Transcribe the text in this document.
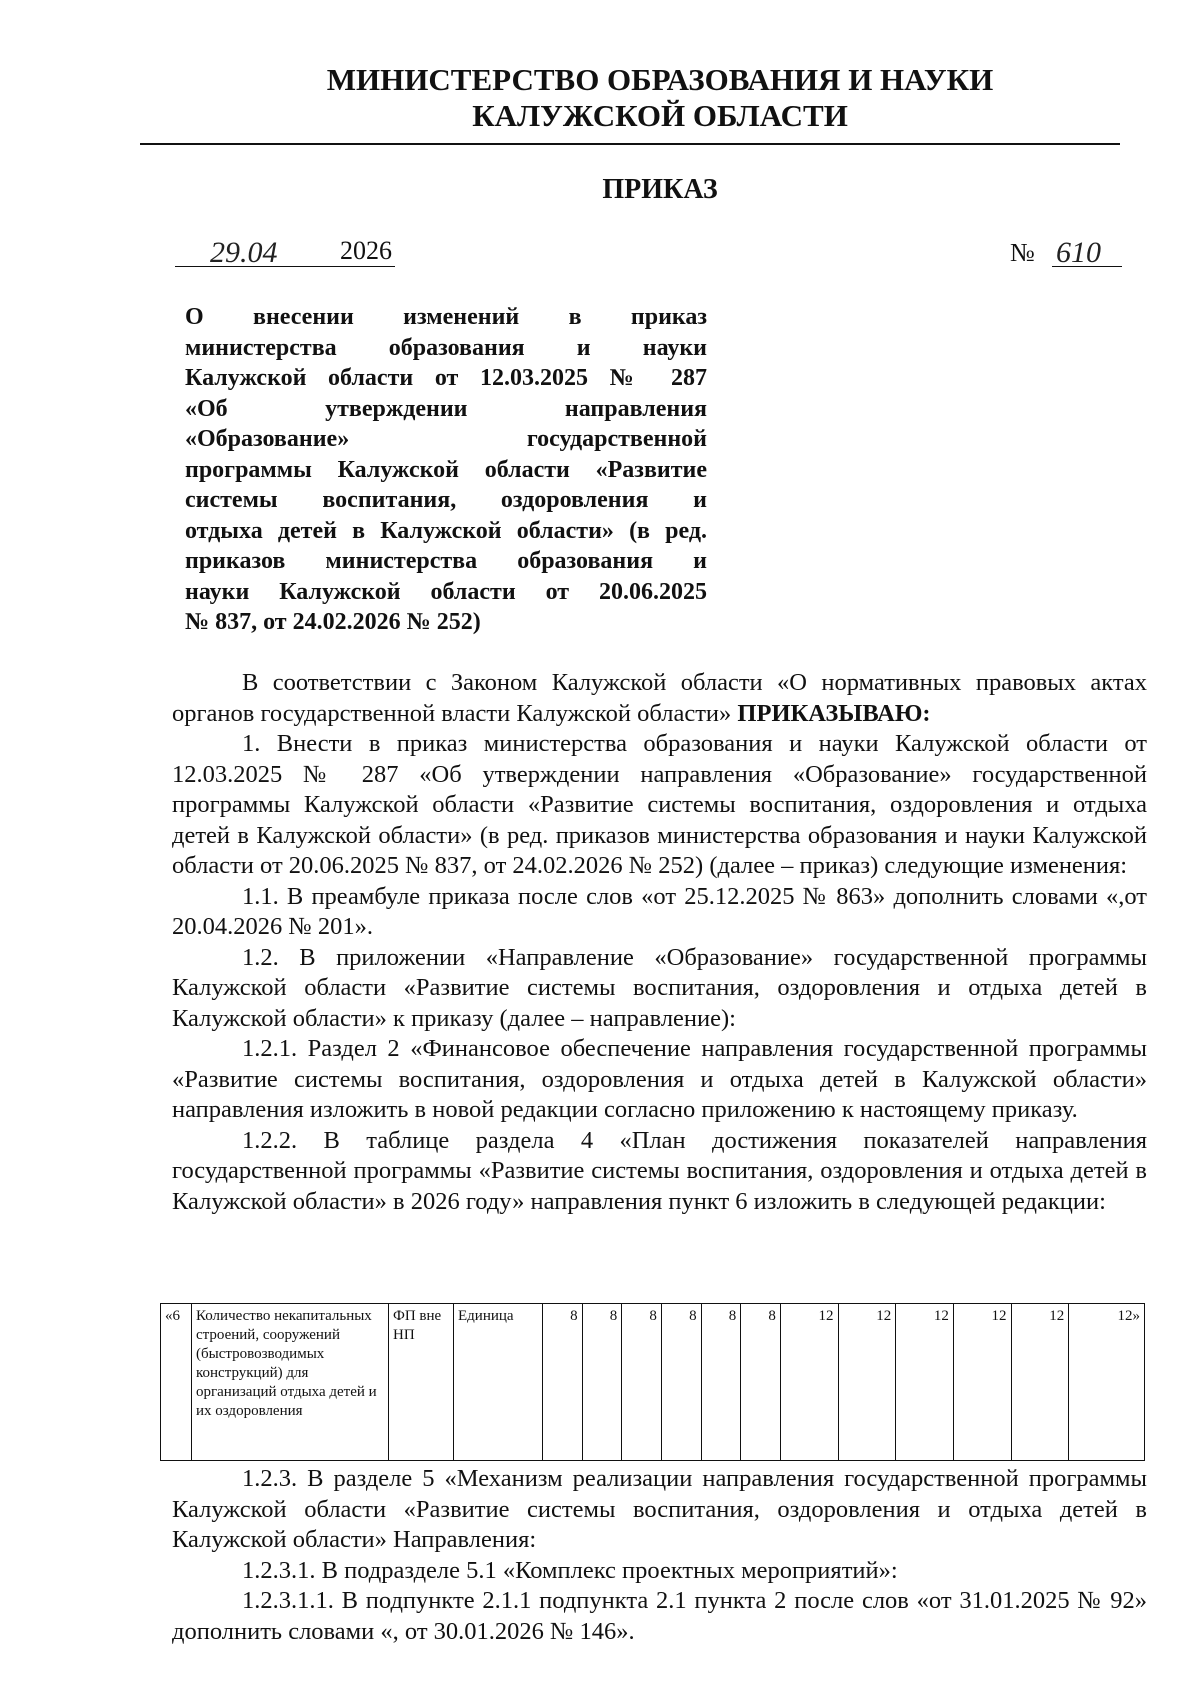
МИНИСТЕРСТВО ОБРАЗОВАНИЯ И НАУКИ
КАЛУЖСКОЙ ОБЛАСТИ
ПРИКАЗ
29.04 2026	№ 610
О внесении изменений в приказ
министерства образования и науки
Калужской области от 12.03.2025 № 287
«Об утверждении направления
«Образование» государственной
программы Калужской области «Развитие
системы воспитания, оздоровления и
отдыха детей в Калужской области» (в ред.
приказов министерства образования и
науки Калужской области от 20.06.2025
№ 837, от 24.02.2026 № 252)

В соответствии с Законом Калужской области «О нормативных правовых актах органов государственной власти Калужской области» ПРИКАЗЫВАЮ:

1. Внести в приказ министерства образования и науки Калужской области от 12.03.2025 № 287 «Об утверждении направления «Образование» государственной программы Калужской области «Развитие системы воспитания, оздоровления и отдыха детей в Калужской области» (в ред. приказов министерства образования и науки Калужской области от 20.06.2025 № 837, от 24.02.2026 № 252) (далее – приказ) следующие изменения:

1.1. В преамбуле приказа после слов «от 25.12.2025 № 863» дополнить словами «,от 20.04.2026 № 201».

1.2. В приложении «Направление «Образование» государственной программы Калужской области «Развитие системы воспитания, оздоровления и отдыха детей в Калужской области» к приказу (далее – направление):

1.2.1. Раздел 2 «Финансовое обеспечение направления государственной программы «Развитие системы воспитания, оздоровления и отдыха детей в Калужской области» направления изложить в новой редакции согласно приложению к настоящему приказу.

1.2.2. В таблице раздела 4 «План достижения показателей направления государственной программы «Развитие системы воспитания, оздоровления и отдыха детей в Калужской области» в 2026 году» направления пункт 6 изложить в следующей редакции:

«6	Количество некапитальных строений, сооружений (быстровозводимых конструкций) для организаций отдыха детей и их оздоровления	ФП вне НП	Единица	8	8	8	8	8	8	12	12	12	12	12	12»

1.2.3. В разделе 5 «Механизм реализации направления государственной программы Калужской области «Развитие системы воспитания, оздоровления и отдыха детей в Калужской области» Направления:

1.2.3.1. В подразделе 5.1 «Комплекс проектных мероприятий»:

1.2.3.1.1. В подпункте 2.1.1 подпункта 2.1 пункта 2 после слов «от 31.01.2025 № 92» дополнить словами «, от 30.01.2026 № 146».
